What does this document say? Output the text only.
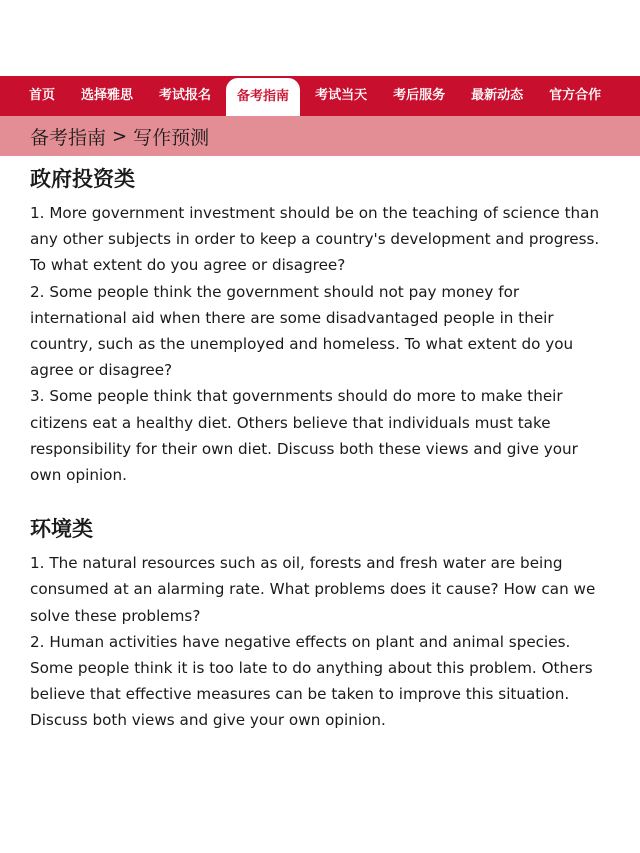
首页	选择雅思	考试报名	备考指南	考试当天	考后服务	最新动态	官方合作
备考指南 > 写作预测
政府投资类

1. More government investment should be on the teaching of science than any other subjects in order to keep a country's development and progress. To what extent do you agree or disagree?

2. Some people think the government should not pay money for international aid when there are some disadvantaged people in their country, such as the unemployed and homeless. To what extent do you agree or disagree?

3. Some people think that governments should do more to make their citizens eat a healthy diet. Others believe that individuals must take responsibility for their own diet. Discuss both these views and give your own opinion.

环境类

1. The natural resources such as oil, forests and fresh water are being consumed at an alarming rate. What problems does it cause? How can we solve these problems?

2. Human activities have negative effects on plant and animal species. Some people think it is too late to do anything about this problem. Others believe that effective measures can be taken to improve this situation. Discuss both views and give your own opinion.
